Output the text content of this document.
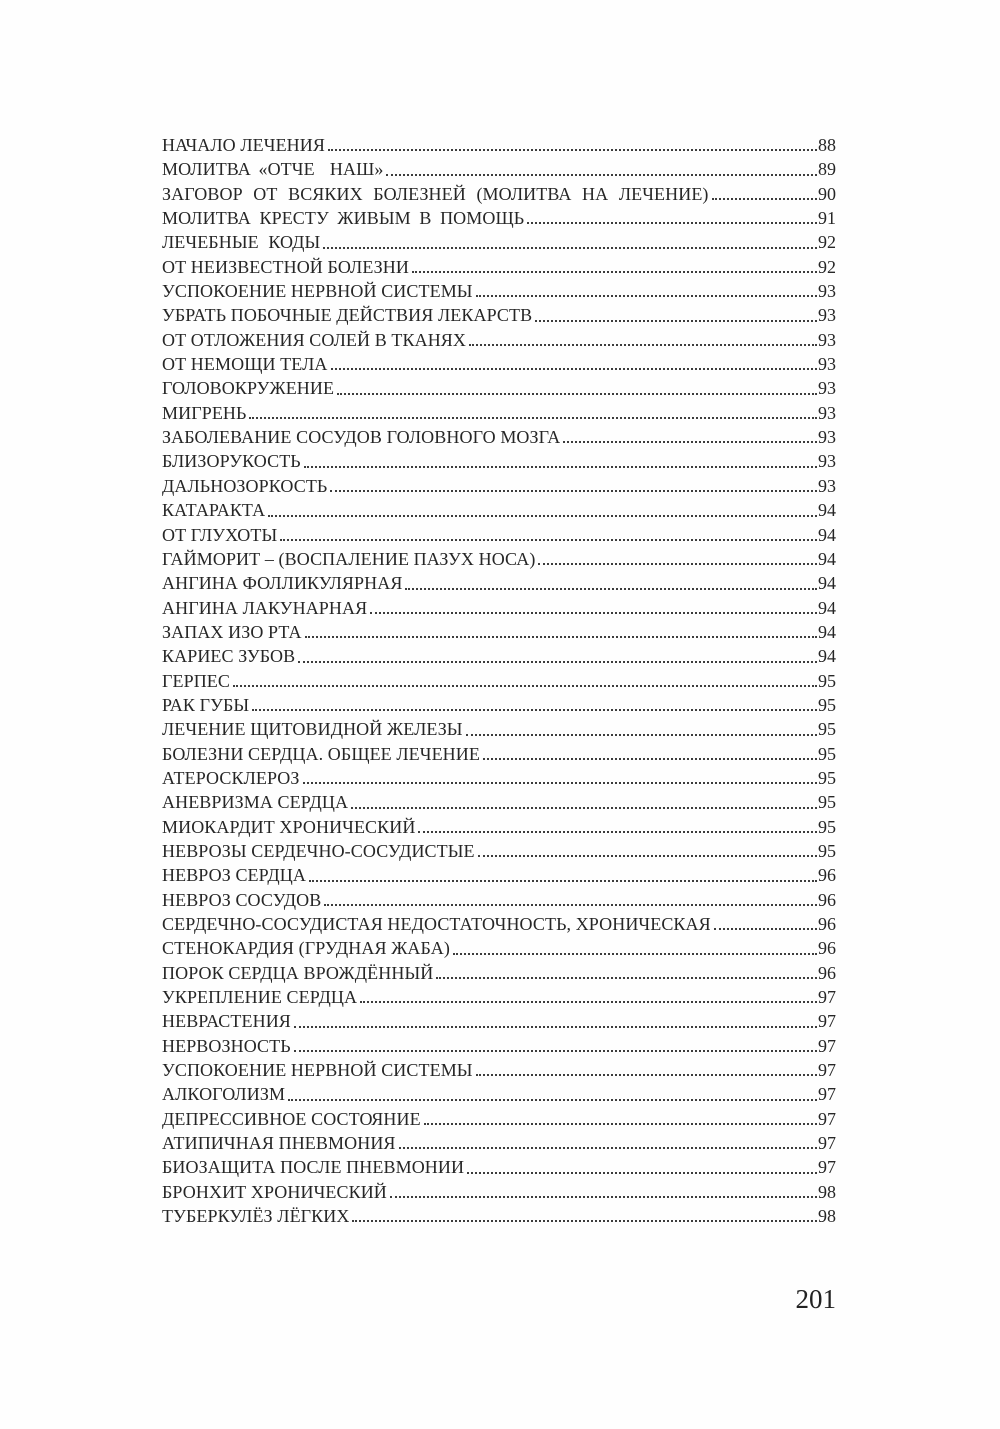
НАЧАЛО ЛЕЧЕНИЯ	88
МОЛИТВА «ОТЧЕ  НАШ»	89
ЗАГОВОР ОТ ВСЯКИХ БОЛЕЗНЕЙ (МОЛИТВА НА ЛЕЧЕНИЕ)	90
МОЛИТВА КРЕСТУ ЖИВЫМ В ПОМОЩЬ	91
ЛЕЧЕБНЫЕ КОДЫ	92
ОТ НЕИЗВЕСТНОЙ БОЛЕЗНИ	92
УСПОКОЕНИЕ НЕРВНОЙ СИСТЕМЫ	93
УБРАТЬ ПОБОЧНЫЕ ДЕЙСТВИЯ ЛЕКАРСТВ	93
ОТ ОТЛОЖЕНИЯ СОЛЕЙ В ТКАНЯХ	93
ОТ НЕМОЩИ ТЕЛА	93
ГОЛОВОКРУЖЕНИЕ	93
МИГРЕНЬ	93
ЗАБОЛЕВАНИЕ СОСУДОВ ГОЛОВНОГО МОЗГА	93
БЛИЗОРУКОСТЬ	93
ДАЛЬНОЗОРКОСТЬ	93
КАТАРАКТА	94
ОТ ГЛУХОТЫ	94
ГАЙМОРИТ – (ВОСПАЛЕНИЕ ПАЗУХ НОСА)	94
АНГИНА ФОЛЛИКУЛЯРНАЯ	94
АНГИНА ЛАКУНАРНАЯ	94
ЗАПАХ ИЗО РТА	94
КАРИЕС ЗУБОВ	94
ГЕРПЕС	95
РАК ГУБЫ	95
ЛЕЧЕНИЕ ЩИТОВИДНОЙ ЖЕЛЕЗЫ	95
БОЛЕЗНИ СЕРДЦА. ОБЩЕЕ ЛЕЧЕНИЕ	95
АТЕРОСКЛЕРОЗ	95
АНЕВРИЗМА СЕРДЦА	95
МИОКАРДИТ ХРОНИЧЕСКИЙ	95
НЕВРОЗЫ СЕРДЕЧНО-СОСУДИСТЫЕ	95
НЕВРОЗ СЕРДЦА	96
НЕВРОЗ СОСУДОВ	96
СЕРДЕЧНО-СОСУДИСТАЯ НЕДОСТАТОЧНОСТЬ, ХРОНИЧЕСКАЯ	96
СТЕНОКАРДИЯ (ГРУДНАЯ ЖАБА)	96
ПОРОК СЕРДЦА ВРОЖДЁННЫЙ	96
УКРЕПЛЕНИЕ СЕРДЦА	97
НЕВРАСТЕНИЯ	97
НЕРВОЗНОСТЬ	97
УСПОКОЕНИЕ НЕРВНОЙ СИСТЕМЫ	97
АЛКОГОЛИЗМ	97
ДЕПРЕССИВНОЕ СОСТОЯНИЕ	97
АТИПИЧНАЯ ПНЕВМОНИЯ	97
БИОЗАЩИТА ПОСЛЕ ПНЕВМОНИИ	97
БРОНХИТ ХРОНИЧЕСКИЙ	98
ТУБЕРКУЛЁЗ ЛЁГКИХ	98
201
